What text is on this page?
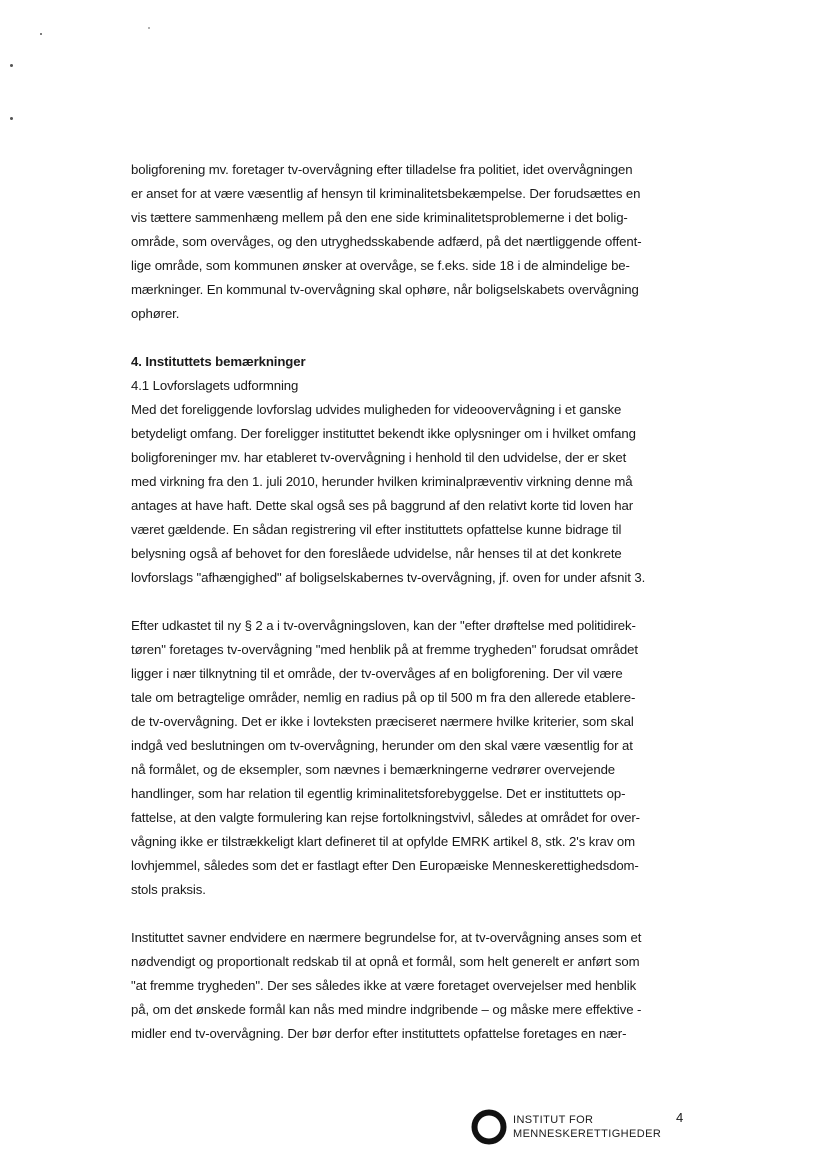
boligforening mv. foretager tv-overvågning efter tilladelse fra politiet, idet overvågningen
er anset for at være væsentlig af hensyn til kriminalitetsbekæmpelse. Der forudsættes en
vis tættere sammenhæng mellem på den ene side kriminalitetsproblemerne i det bolig-
område, som overvåges, og den utryghedsskabende adfærd, på det nærtliggende offent-
lige område, som kommunen ønsker at overvåge, se f.eks. side 18 i de almindelige be-
mærkninger. En kommunal tv-overvågning skal ophøre, når boligselskabets overvågning
ophører.
4. Instituttets bemærkninger
4.1 Lovforslagets udformning
Med det foreliggende lovforslag udvides muligheden for videoovervågning i et ganske
betydeligt omfang. Der foreligger instituttet bekendt ikke oplysninger om i hvilket omfang
boligforeninger mv. har etableret tv-overvågning i henhold til den udvidelse, der er sket
med virkning fra den 1. juli 2010, herunder hvilken kriminalpræventiv virkning denne må
antages at have haft. Dette skal også ses på baggrund af den relativt korte tid loven har
været gældende. En sådan registrering vil efter instituttets opfattelse kunne bidrage til
belysning også af behovet for den foreslåede udvidelse, når henses til at det konkrete
lovforslags "afhængighed" af boligselskabernes tv-overvågning, jf. oven for under afsnit 3.
Efter udkastet til ny § 2 a i tv-overvågningsloven, kan der "efter drøftelse med politidirek-
tøren" foretages tv-overvågning "med henblik på at fremme trygheden" forudsat området
ligger i nær tilknytning til et område, der tv-overvåges af en boligforening. Der vil være
tale om betragtelige områder, nemlig en radius på op til 500 m fra den allerede etablere-
de tv-overvågning. Det er ikke i lovteksten præciseret nærmere hvilke kriterier, som skal
indgå ved beslutningen om tv-overvågning, herunder om den skal være væsentlig for at
nå formålet, og de eksempler, som nævnes i bemærkningerne vedrører overvejende
handlinger, som har relation til egentlig kriminalitetsforebyggelse. Det er instituttets op-
fattelse, at den valgte formulering kan rejse fortolkningstvivl, således at området for over-
vågning ikke er tilstrækkeligt klart defineret til at opfylde EMRK artikel 8, stk. 2's krav om
lovhjemmel, således som det er fastlagt efter Den Europæiske Menneskerettighedsdom-
stols praksis.
Instituttet savner endvidere en nærmere begrundelse for, at tv-overvågning anses som et
nødvendigt og proportionalt redskab til at opnå et formål, som helt generelt er anført som
"at fremme trygheden". Der ses således ikke at være foretaget overvejelser med henblik
på, om det ønskede formål kan nås med mindre indgribende – og måske mere effektive -
midler end tv-overvågning. Der bør derfor efter instituttets opfattelse foretages en nær-
INSTITUT FOR
MENNESKERETTIGHEDER
4
